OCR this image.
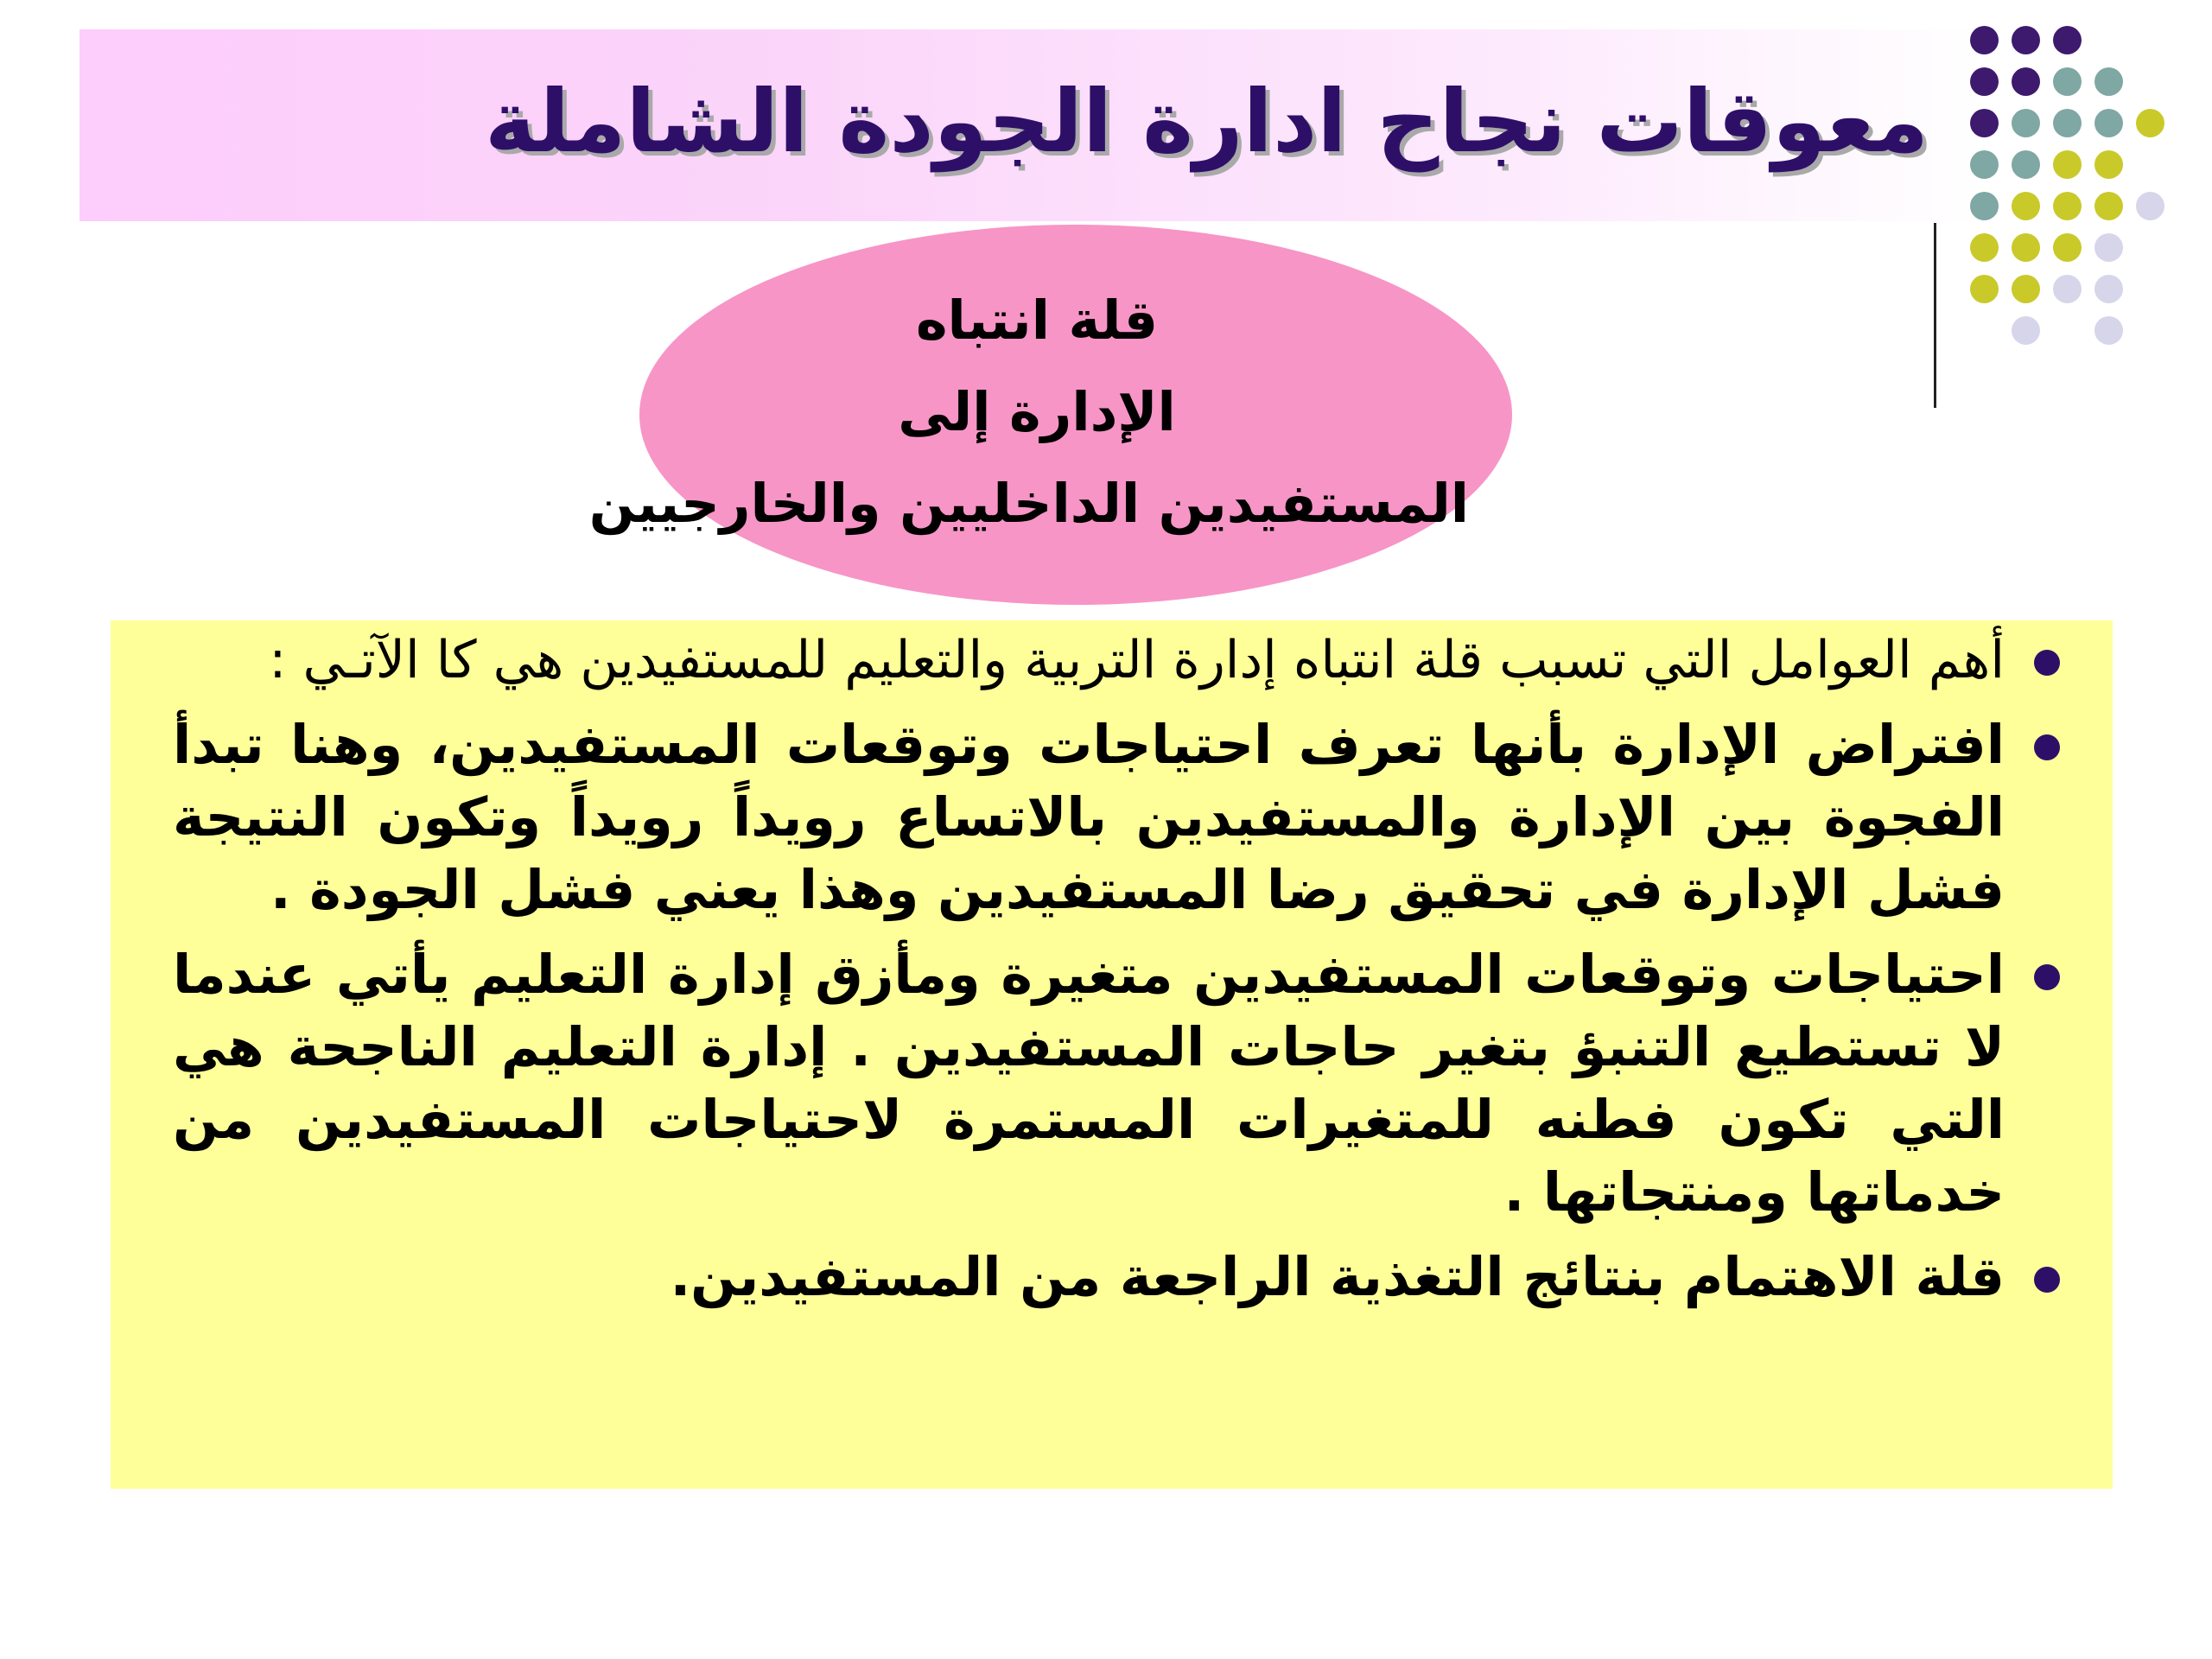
معوقات نجاح ادارة الجودة الشاملة
قلة انتباه
الإدارة إلى
المستفيدين الداخليين والخارجيين
أهم العوامل التي تسبب قلة انتباه إدارة التربية والتعليم للمستفيدين هي كا الآتـي :
افتراض الإدارة بأنها تعرف احتياجات وتوقعات المستفيدين، وهنا تبدأ الفجوة بين الإدارة والمستفيدين بالاتساع رويداً رويداً وتكون النتيجة فشل الإدارة في تحقيق رضا المستفيدين وهذا يعني فشل الجودة .
احتياجات وتوقعات المستفيدين متغيرة ومأزق إدارة التعليم يأتي عندما لا تستطيع التنبؤ بتغير حاجات المستفيدين . إدارة التعليم الناجحة هي التي تكون فطنه للمتغيرات المستمرة لاحتياجات المستفيدين من خدماتها ومنتجاتها .
قلة الاهتمام بنتائج التغذية الراجعة من المستفيدين.
